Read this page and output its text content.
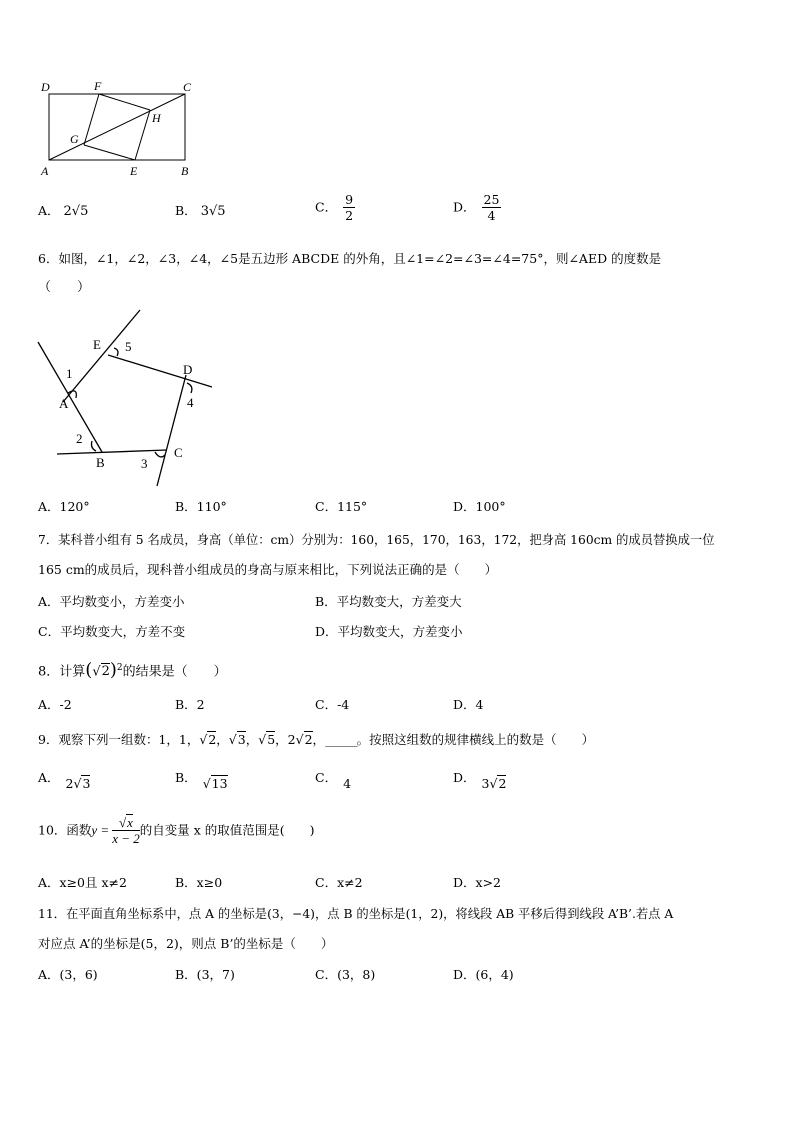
D	F	C
G
H
A	E	B
A． 2√5	B． 3√5	C． $\frac{9}{2}$	D． $\frac{25}{4}$
6．如图，∠1，∠2，∠3，∠4，∠5是五边形 ABCDE 的外角，且∠1=∠2=∠3=∠4=75°，则∠AED 的度数是
（　　）
E
D
A
B
C
1
2
3
4
5
A．120°	B．110°	C．115°	D．100°
7．某科普小组有 5 名成员，身高（单位：cm）分别为：160，165，170，163，172，把身高 160cm 的成员替换成一位
165 cm的成员后，现科普小组成员的身高与原来相比，下列说法正确的是（　　）
A．平均数变小，方差变小	B．平均数变大，方差变大
C．平均数变大，方差不变	D．平均数变大，方差变小
8．计算$(√2)^2$的结果是（　　）
A．-2	B．2	C．-4	D．4
9．观察下列一组数：1，1，√2，√3，√5，2√2，______。按照这组数的规律横线上的数是（　　）
A． 2√3	B． √13	C． 4	D． 3√2
10．函数$y = \frac{√x}{x - 2}$ 的自变量 x 的取值范围是(　　)
A．x≥0且 x≠2	B．x≥0	C．x≠2	D．x>2
11．在平面直角坐标系中，点 A 的坐标是(3，−4)，点 B 的坐标是(1，2)，将线段 AB 平移后得到线段 A’B’.若点 A
对应点 A’的坐标是(5，2)，则点 B’的坐标是（　　）
A．(3，6)	B．(3，7)	C．(3，8)	D．(6，4)
